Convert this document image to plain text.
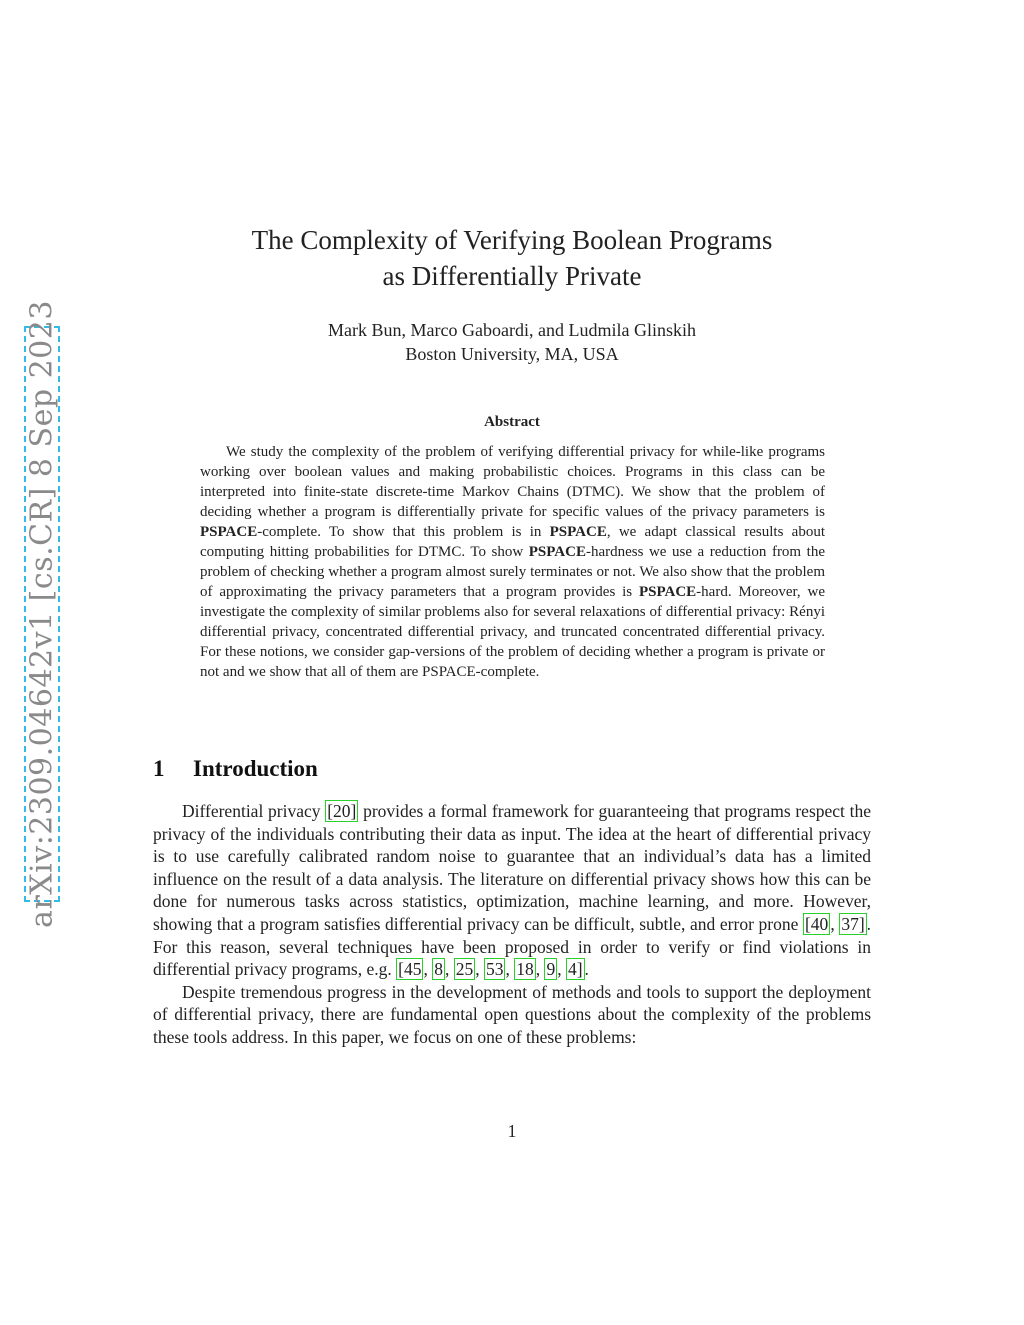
arXiv:2309.04642v1 [cs.CR] 8 Sep 2023
The Complexity of Verifying Boolean Programs
as Differentially Private
Mark Bun, Marco Gaboardi, and Ludmila Glinskih
Boston University, MA, USA
Abstract
We study the complexity of the problem of verifying differential privacy for while-like programs working over boolean values and making probabilistic choices. Programs in this class can be interpreted into finite-state discrete-time Markov Chains (DTMC). We show that the problem of deciding whether a program is differentially private for specific values of the privacy parameters is PSPACE-complete. To show that this problem is in PSPACE, we adapt classical results about computing hitting probabilities for DTMC. To show PSPACE-hardness we use a reduction from the problem of checking whether a program almost surely terminates or not. We also show that the problem of approximating the privacy parameters that a program provides is PSPACE-hard. Moreover, we investigate the complexity of similar problems also for several relaxations of differential privacy: Rényi differential privacy, concentrated differential privacy, and truncated concentrated differential privacy. For these notions, we consider gap-versions of the problem of deciding whether a program is private or not and we show that all of them are PSPACE-complete.
1 Introduction

Differential privacy [20] provides a formal framework for guaranteeing that programs respect the privacy of the individuals contributing their data as input. The idea at the heart of differential privacy is to use carefully calibrated random noise to guarantee that an individual’s data has a limited influence on the result of a data analysis. The literature on differential privacy shows how this can be done for numerous tasks across statistics, optimization, machine learning, and more. However, showing that a program satisfies differential privacy can be difficult, subtle, and error prone [40 , 37] . For this reason, several techniques have been proposed in order to verify or find violations in differential privacy programs, e.g. [45 , 8 , 25 , 53 , 18 , 9 , 4] .

Despite tremendous progress in the development of methods and tools to support the deployment of differential privacy, there are fundamental open questions about the complexity of the problems these tools address. In this paper, we focus on one of these problems:

1
